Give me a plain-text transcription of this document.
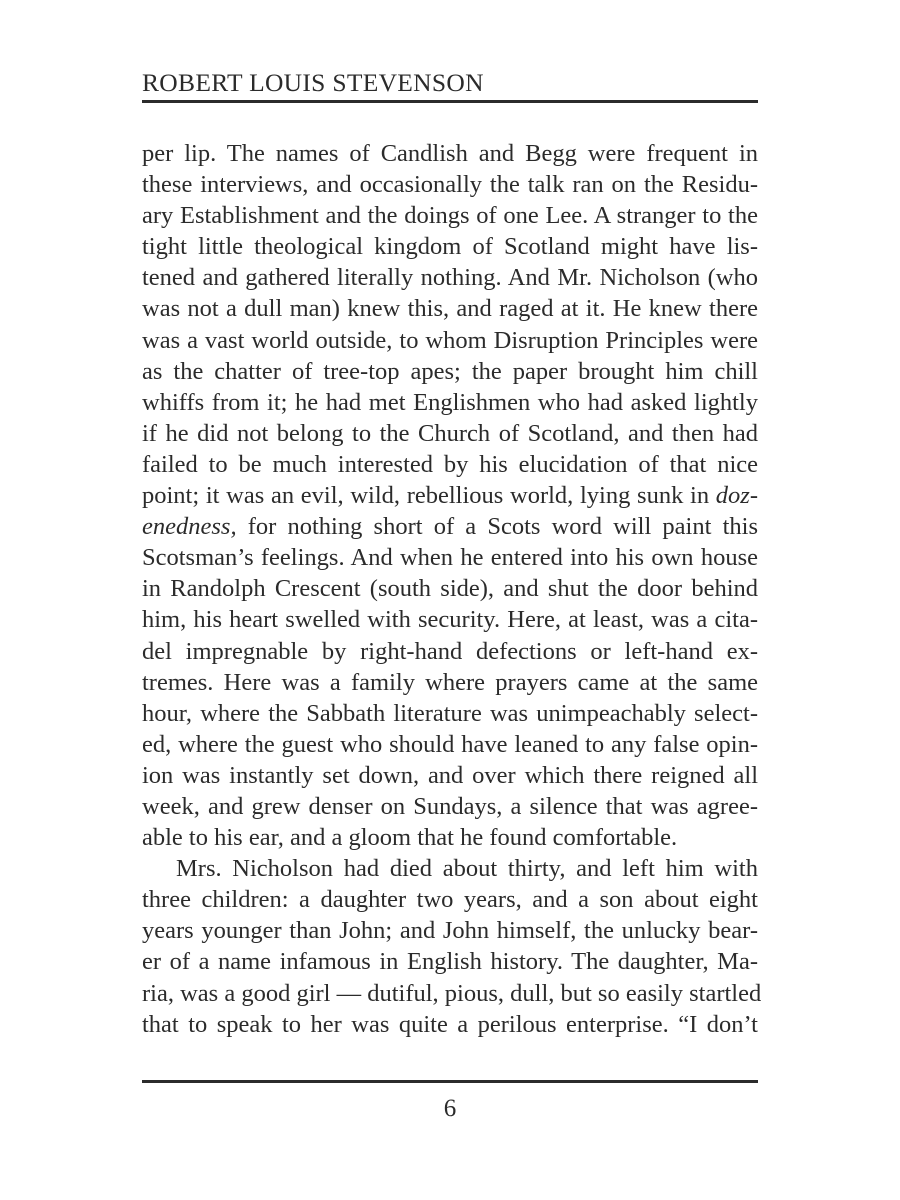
ROBERT LOUIS STEVENSON
per lip. The names of Candlish and Begg were frequent in
these interviews, and occasionally the talk ran on the Residu-
ary Establishment and the doings of one Lee. A stranger to the
tight little theological kingdom of Scotland might have lis-
tened and gathered literally nothing. And Mr. Nicholson (who
was not a dull man) knew this, and raged at it. He knew there
was a vast world outside, to whom Disruption Principles were
as the chatter of tree-top apes; the paper brought him chill
whiffs from it; he had met Englishmen who had asked lightly
if he did not belong to the Church of Scotland, and then had
failed to be much interested by his elucidation of that nice
point; it was an evil, wild, rebellious world, lying sunk in doz-
enedness, for nothing short of a Scots word will paint this
Scotsman’s feelings. And when he entered into his own house
in Randolph Crescent (south side), and shut the door behind
him, his heart swelled with security. Here, at least, was a cita-
del impregnable by right-hand defections or left-hand ex-
tremes. Here was a family where prayers came at the same
hour, where the Sabbath literature was unimpeachably select-
ed, where the guest who should have leaned to any false opin-
ion was instantly set down, and over which there reigned all
week, and grew denser on Sundays, a silence that was agree-
able to his ear, and a gloom that he found comfortable.
Mrs. Nicholson had died about thirty, and left him with
three children: a daughter two years, and a son about eight
years younger than John; and John himself, the unlucky bear-
er of a name infamous in English history. The daughter, Ma-
ria, was a good girl — dutiful, pious, dull, but so easily startled
that to speak to her was quite a perilous enterprise. “I don’t
6
